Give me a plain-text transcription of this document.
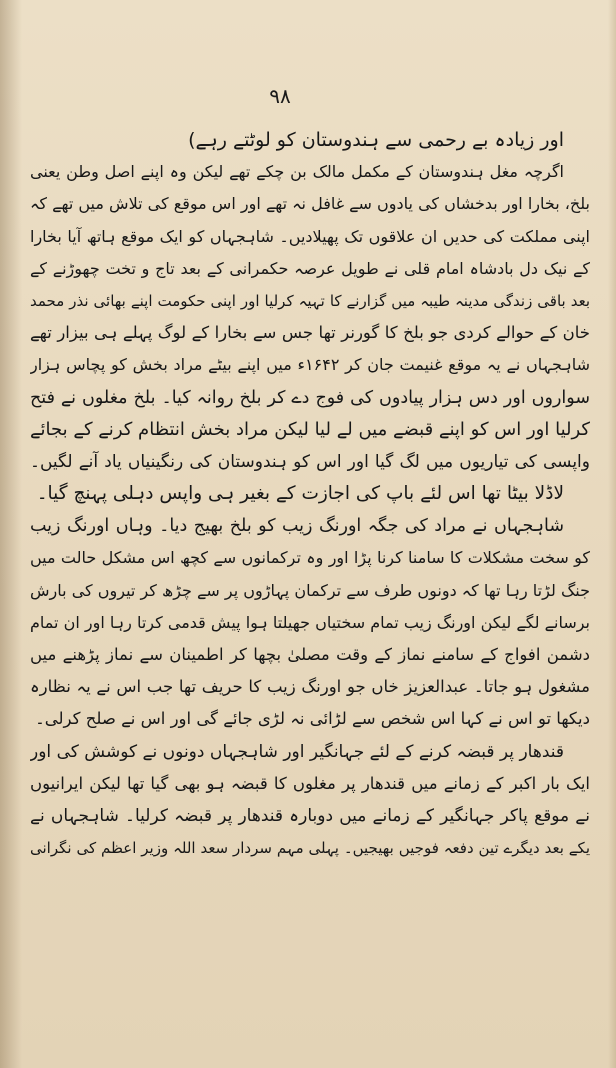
۹۸
اور زیادہ بے رحمی سے ہندوستان کو لوٹتے رہے)
اگرچہ مغل ہندوستان کے مکمل مالک بن چکے تھے لیکن وہ اپنے اصل وطن یعنی
بلخ، بخارا اور بدخشاں کی یادوں سے غافل نہ تھے اور اس موقع کی تلاش میں تھے کہ
اپنی مملکت کی حدیں ان علاقوں تک پھیلادیں۔ شاہجہاں کو ایک موقع ہاتھ آیا بخارا
کے نیک دل بادشاہ امام قلی نے طویل عرصہ حکمرانی کے بعد تاج و تخت چھوڑنے کے
بعد باقی زندگی مدینہ طیبہ میں گزارنے کا تہیہ کرلیا اور اپنی حکومت اپنے بھائی نذر محمد
خان کے حوالے کردی جو بلخ کا گورنر تھا جس سے بخارا کے لوگ پہلے ہی بیزار تھے
شاہجہاں نے یہ موقع غنیمت جان کر ۱۶۴۲ء میں اپنے بیٹے مراد بخش کو پچاس ہزار
سواروں اور دس ہزار پیادوں کی فوج دے کر بلخ روانہ کیا۔ بلخ مغلوں نے فتح
کرلیا اور اس کو اپنے قبضے میں لے لیا لیکن مراد بخش انتظام کرنے کے بجائے
واپسی کی تیاریوں میں لگ گیا اور اس کو ہندوستان کی رنگینیاں یاد آنے لگیں۔
لاڈلا بیٹا تھا اس لئے باپ کی اجازت کے بغیر ہی واپس دہلی پہنچ گیا۔
شاہجہاں نے مراد کی جگہ اورنگ زیب کو بلخ بھیج دیا۔ وہاں اورنگ زیب
کو سخت مشکلات کا سامنا کرنا پڑا اور وہ ترکمانوں سے کچھ اس مشکل حالت میں
جنگ لڑتا رہا تھا کہ دونوں طرف سے ترکمان پہاڑوں پر سے چڑھ کر تیروں کی بارش
برسانے لگے لیکن اورنگ زیب تمام سختیاں جھیلتا ہوا پیش قدمی کرتا رہا اور ان تمام
دشمن افواج کے سامنے نماز کے وقت مصلیٰ بچھا کر اطمینان سے نماز پڑھنے میں
مشغول ہو جاتا۔ عبدالعزیز خاں جو اورنگ زیب کا حریف تھا جب اس نے یہ نظارہ
دیکھا تو اس نے کہا اس شخص سے لڑائی نہ لڑی جائے گی اور اس نے صلح کرلی۔
قندھار پر قبضہ کرنے کے لئے جہانگیر اور شاہجہاں دونوں نے کوشش کی اور
ایک بار اکبر کے زمانے میں قندھار پر مغلوں کا قبضہ ہو بھی گیا تھا لیکن ایرانیوں
نے موقع پاکر جہانگیر کے زمانے میں دوبارہ قندھار پر قبضہ کرلیا۔ شاہجہاں نے
یکے بعد دیگرے تین دفعہ فوجیں بھیجیں۔ پہلی مہم سردار سعد اللہ وزیر اعظم کی نگرانی
